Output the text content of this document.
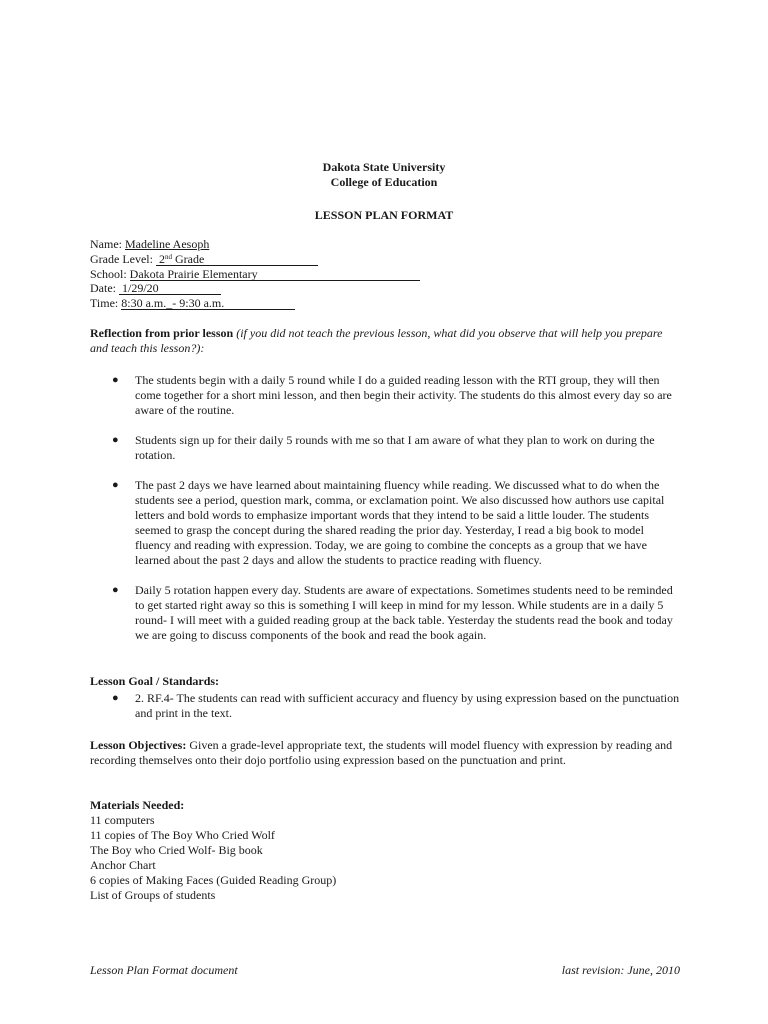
Dakota State University
College of Education
LESSON PLAN FORMAT
Name: Madeline Aesoph
Grade Level:  2nd Grade
School: Dakota Prairie Elementary
Date:  1/29/20
Time: 8:30 a.m._- 9:30 a.m.
Reflection from prior lesson (if you did not teach the previous lesson, what did you observe that will help you prepare and teach this lesson?):
● The students begin with a daily 5 round while I do a guided reading lesson with the RTI group, they will then come together for a short mini lesson, and then begin their activity. The students do this almost every day so are aware of the routine.
● Students sign up for their daily 5 rounds with me so that I am aware of what they plan to work on during the rotation.
● The past 2 days we have learned about maintaining fluency while reading. We discussed what to do when the students see a period, question mark, comma, or exclamation point. We also discussed how authors use capital letters and bold words to emphasize important words that they intend to be said a little louder. The students seemed to grasp the concept during the shared reading the prior day. Yesterday, I read a big book to model fluency and reading with expression. Today, we are going to combine the concepts as a group that we have learned about the past 2 days and allow the students to practice reading with fluency.
● Daily 5 rotation happen every day. Students are aware of expectations. Sometimes students need to be reminded to get started right away so this is something I will keep in mind for my lesson. While students are in a daily 5 round- I will meet with a guided reading group at the back table. Yesterday the students read the book and today we are going to discuss components of the book and read the book again.
Lesson Goal / Standards:
● 2. RF.4- The students can read with sufficient accuracy and fluency by using expression based on the punctuation and print in the text.
Lesson Objectives: Given a grade-level appropriate text, the students will model fluency with expression by reading and recording themselves onto their dojo portfolio using expression based on the punctuation and print.
Materials Needed:
11 computers
11 copies of The Boy Who Cried Wolf
The Boy who Cried Wolf- Big book
Anchor Chart
6 copies of Making Faces (Guided Reading Group)
List of Groups of students
Lesson Plan Format document	last revision: June, 2010
